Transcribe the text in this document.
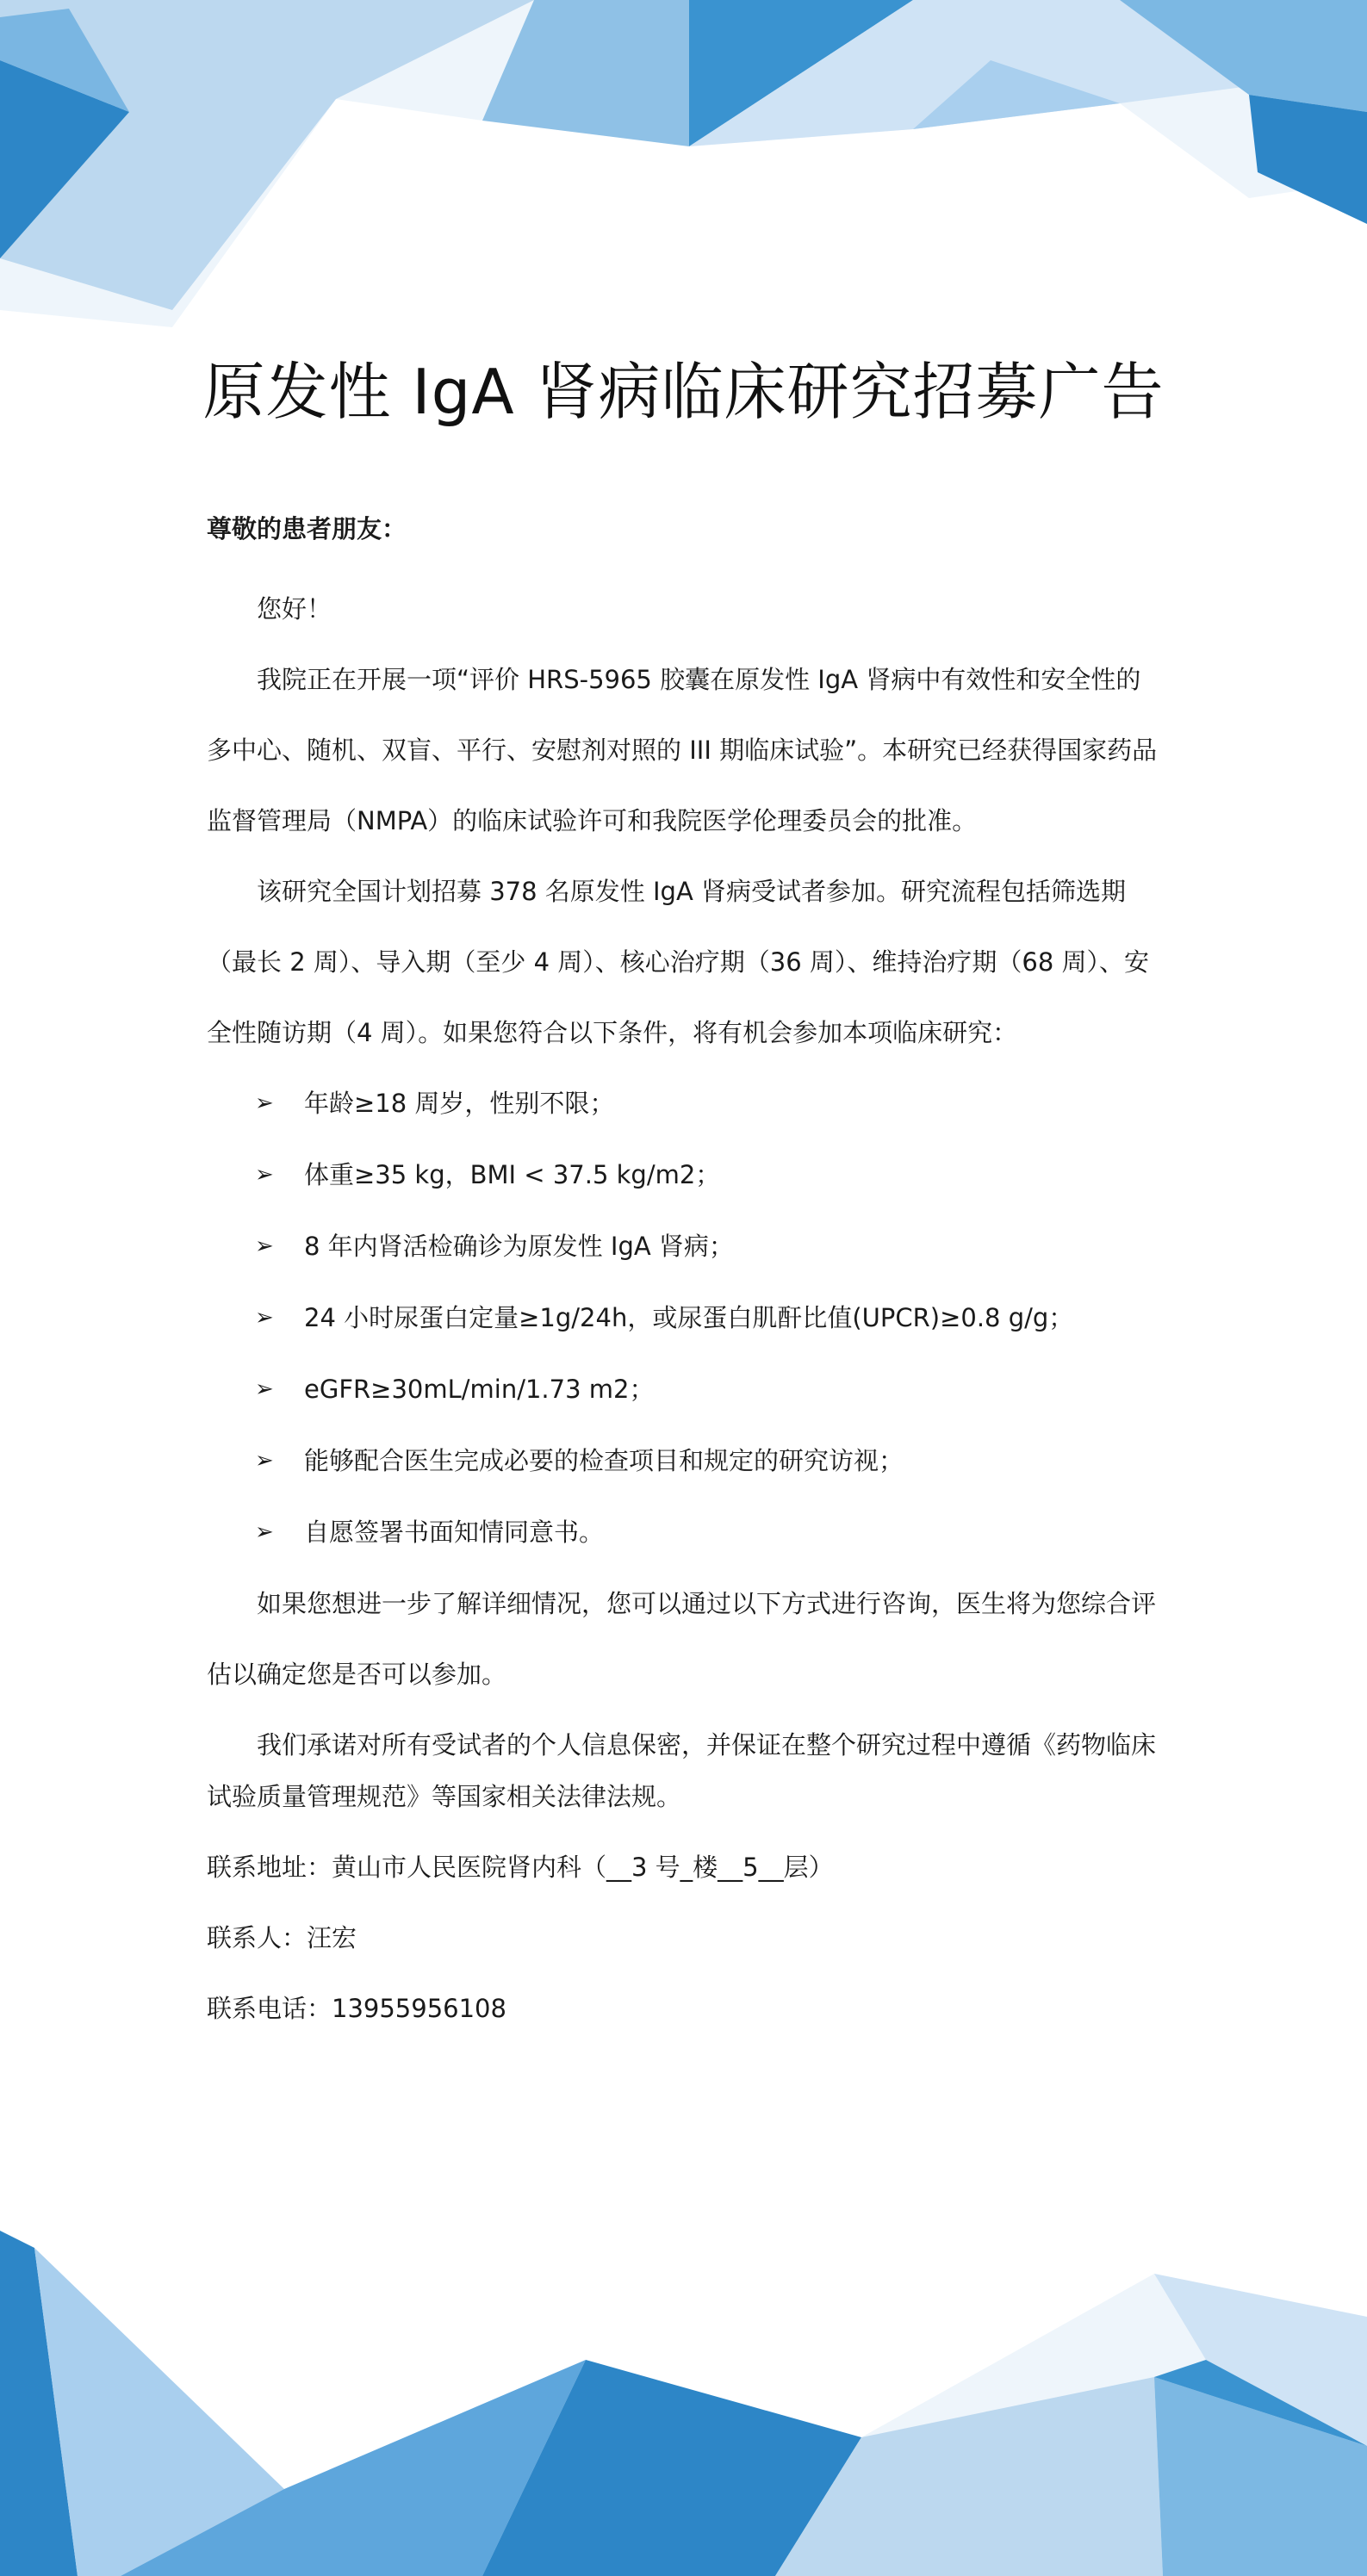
原发性 IgA 肾病临床研究招募广告
尊敬的患者朋友：

您好！

我院正在开展一项“评价 HRS-5965 胶囊在原发性 IgA 肾病中有效性和安全性的多中心、随机、双盲、平行、安慰剂对照的 III 期临床试验”。本研究已经获得国家药品监督管理局（NMPA）的临床试验许可和我院医学伦理委员会的批准。

该研究全国计划招募 378 名原发性 IgA 肾病受试者参加。研究流程包括筛选期（最长 2 周）、导入期（至少 4 周）、核心治疗期（36 周）、维持治疗期（68 周）、安全性随访期（4 周）。如果您符合以下条件，将有机会参加本项临床研究：

➢ 年龄≥18 周岁，性别不限；
➢ 体重≥35 kg，BMI < 37.5 kg/m2；
➢ 8 年内肾活检确诊为原发性 IgA 肾病；
➢ 24 小时尿蛋白定量≥1g/24h，或尿蛋白肌酐比值(UPCR)≥0.8 g/g；
➢ eGFR≥30mL/min/1.73 m2；
➢ 能够配合医生完成必要的检查项目和规定的研究访视；
➢ 自愿签署书面知情同意书。

如果您想进一步了解详细情况，您可以通过以下方式进行咨询，医生将为您综合评估以确定您是否可以参加。

我们承诺对所有受试者的个人信息保密，并保证在整个研究过程中遵循《药物临床试验质量管理规范》等国家相关法律法规。

联系地址：黄山市人民医院肾内科（__3 号_楼__5__层）
联系人：汪宏
联系电话：13955956108
